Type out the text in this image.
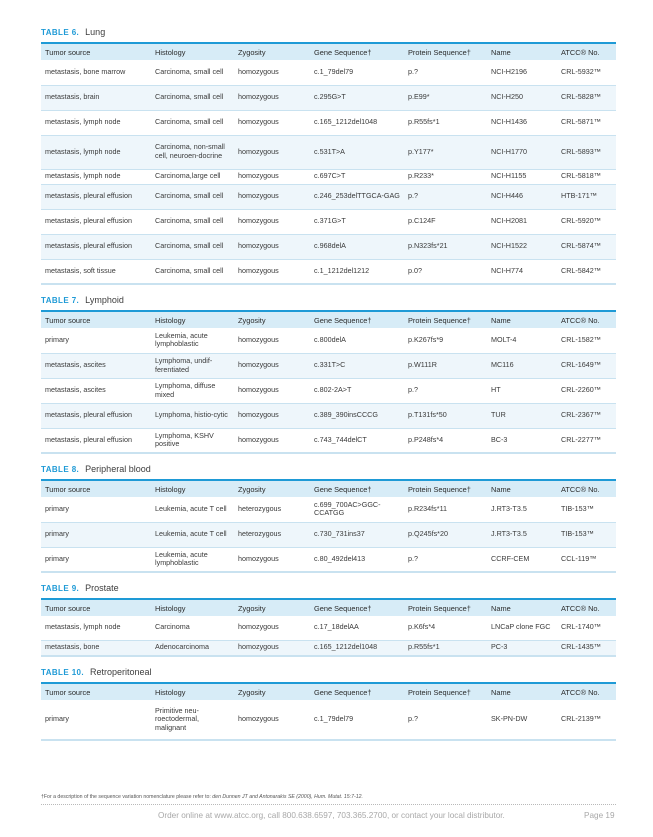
TABLE 6. Lung
Tumor source	Histology	Zygosity	Gene Sequence†	Protein Sequence†	Name	ATCC® No.
metastasis, bone marrow	Carcinoma, small cell	homozygous	c.1_79del79	p.?	NCI-H2196	CRL-5932™
metastasis, brain	Carcinoma, small cell	homozygous	c.295G>T	p.E99*	NCI-H250	CRL-5828™
metastasis, lymph node	Carcinoma, small cell	homozygous	c.165_1212del1048	p.R55fs*1	NCI-H1436	CRL-5871™
metastasis, lymph node	Carcinoma, non-small cell, neuroen-docrine	homozygous	c.531T>A	p.Y177*	NCI-H1770	CRL-5893™
metastasis, lymph node	Carcinoma,large cell	homozygous	c.697C>T	p.R233*	NCI-H1155	CRL-5818™
metastasis, pleural effusion	Carcinoma, small cell	homozygous	c.246_253delTTGCA-GAG	p.?	NCI-H446	HTB-171™
metastasis, pleural effusion	Carcinoma, small cell	homozygous	c.371G>T	p.C124F	NCI-H2081	CRL-5920™
metastasis, pleural effusion	Carcinoma, small cell	homozygous	c.968delA	p.N323fs*21	NCI-H1522	CRL-5874™
metastasis, soft tissue	Carcinoma, small cell	homozygous	c.1_1212del1212	p.0?	NCI-H774	CRL-5842™
TABLE 7. Lymphoid
Tumor source	Histology	Zygosity	Gene Sequence†	Protein Sequence†	Name	ATCC® No.
primary	Leukemia, acute lymphoblastic	homozygous	c.800delA	p.K267fs*9	MOLT-4	CRL-1582™
metastasis, ascites	Lymphoma, undif-ferentiated	homozygous	c.331T>C	p.W111R	MC116	CRL-1649™
metastasis, ascites	Lymphoma, diffuse mixed	homozygous	c.802-2A>T	p.?	HT	CRL-2260™
metastasis, pleural effusion	Lymphoma, histio-cytic	homozygous	c.389_390insCCCG	p.T131fs*50	TUR	CRL-2367™
metastasis, pleural effusion	Lymphoma, KSHV positive	homozygous	c.743_744delCT	p.P248fs*4	BC-3	CRL-2277™
TABLE 8. Peripheral blood
Tumor source	Histology	Zygosity	Gene Sequence†	Protein Sequence†	Name	ATCC® No.
primary	Leukemia, acute T cell	heterozygous	c.699_700AC>GGC-CCATGG	p.R234fs*11	J.RT3-T3.5	TIB-153™
primary	Leukemia, acute T cell	heterozygous	c.730_731ins37	p.Q245fs*20	J.RT3-T3.5	TIB-153™
primary	Leukemia, acute lymphoblastic	homozygous	c.80_492del413	p.?	CCRF-CEM	CCL-119™
TABLE 9. Prostate
Tumor source	Histology	Zygosity	Gene Sequence†	Protein Sequence†	Name	ATCC® No.
metastasis, lymph node	Carcinoma	homozygous	c.17_18delAA	p.K6fs*4	LNCaP clone FGC	CRL-1740™
metastasis, bone	Adenocarcinoma	homozygous	c.165_1212del1048	p.R55fs*1	PC-3	CRL-1435™
TABLE 10. Retroperitoneal
Tumor source	Histology	Zygosity	Gene Sequence†	Protein Sequence†	Name	ATCC® No.
primary	Primitive neu-roectodermal, malignant	homozygous	c.1_79del79	p.?	SK-PN-DW	CRL-2139™
†For a description of the sequence variation nomenclature please refer to: den Dunnen JT and Antonarakis SE (2000), Hum. Mutat. 15:7-12.
Order online at www.atcc.org, call 800.638.6597, 703.365.2700, or contact your local distributor.	Page 19
